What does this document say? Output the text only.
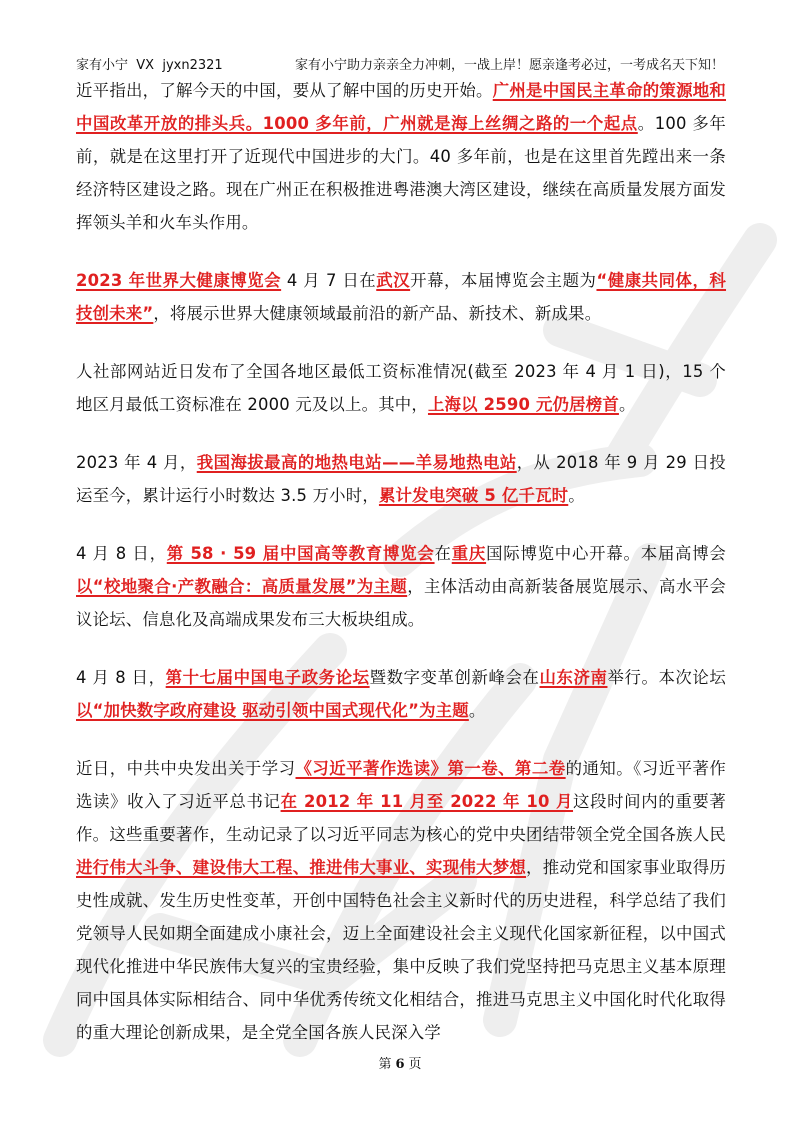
家有小宁  VX  jyxn2321	家有小宁助力亲亲全力冲刺，一战上岸！愿亲逢考必过，一考成名天下知！

近平指出，了解今天的中国，要从了解中国的历史开始。广州是中国民主革命的策源地和中国改革开放的排头兵。1000 多年前，广州就是海上丝绸之路的一个起点。100 多年前，就是在这里打开了近现代中国进步的大门。40 多年前，也是在这里首先蹚出来一条经济特区建设之路。现在广州正在积极推进粤港澳大湾区建设，继续在高质量发展方面发挥领头羊和火车头作用。

2023 年世界大健康博览会 4 月 7 日在武汉开幕，本届博览会主题为“健康共同体，科技创未来”，将展示世界大健康领域最前沿的新产品、新技术、新成果。

人社部网站近日发布了全国各地区最低工资标准情况(截至 2023 年 4 月 1 日)，15 个地区月最低工资标准在 2000 元及以上。其中，上海以 2590 元仍居榜首。

2023 年 4 月，我国海拔最高的地热电站——羊易地热电站，从 2018 年 9 月 29 日投运至今，累计运行小时数达 3.5 万小时，累计发电突破 5 亿千瓦时。

4 月 8 日，第 58 · 59 届中国高等教育博览会在重庆国际博览中心开幕。本届高博会以“校地聚合·产教融合：高质量发展”为主题，主体活动由高新装备展览展示、高水平会议论坛、信息化及高端成果发布三大板块组成。

4 月 8 日，第十七届中国电子政务论坛暨数字变革创新峰会在山东济南举行。本次论坛以“加快数字政府建设 驱动引领中国式现代化”为主题。

近日，中共中央发出关于学习《习近平著作选读》第一卷、第二卷的通知。《习近平著作选读》收入了习近平总书记在 2012 年 11 月至 2022 年 10 月这段时间内的重要著作。这些重要著作，生动记录了以习近平同志为核心的党中央团结带领全党全国各族人民进行伟大斗争、建设伟大工程、推进伟大事业、实现伟大梦想，推动党和国家事业取得历史性成就、发生历史性变革，开创中国特色社会主义新时代的历史进程，科学总结了我们党领导人民如期全面建成小康社会，迈上全面建设社会主义现代化国家新征程，以中国式现代化推进中华民族伟大复兴的宝贵经验，集中反映了我们党坚持把马克思主义基本原理同中国具体实际相结合、同中华优秀传统文化相结合，推进马克思主义中国化时代化取得的重大理论创新成果，是全党全国各族人民深入学

第 6 页
